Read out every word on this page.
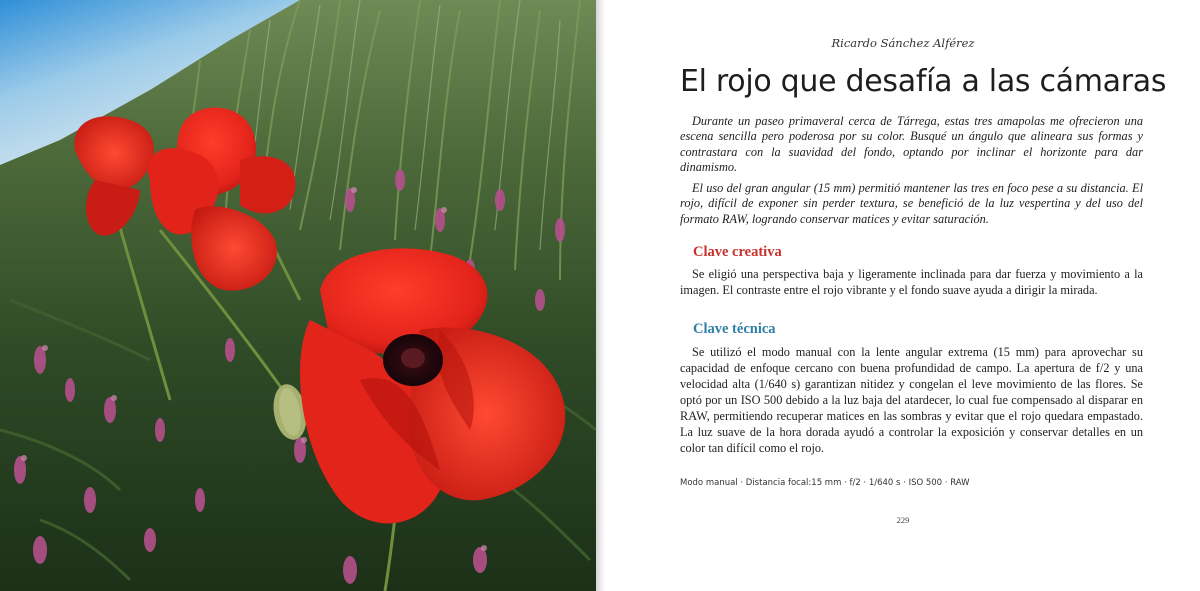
Ricardo Sánchez Alférez
El rojo que desafía a las cámaras

Durante un paseo primaveral cerca de Tárrega, estas tres amapolas me ofrecieron una escena sencilla pero poderosa por su color. Busqué un ángulo que alineara sus formas y contrastara con la suavidad del fondo, optando por inclinar el horizonte para dar dinamismo.

El uso del gran angular (15 mm) permitió mantener las tres en foco pese a su distancia. El rojo, difícil de exponer sin perder textura, se benefició de la luz vespertina y del uso del formato RAW, logrando conservar matices y evitar saturación.

Clave creativa

Se eligió una perspectiva baja y ligeramente inclinada para dar fuerza y movimiento a la imagen. El contraste entre el rojo vibrante y el fondo suave ayuda a dirigir la mirada.

Clave técnica

Se utilizó el modo manual con la lente angular extrema (15 mm) para aprovechar su capacidad de enfoque cercano con buena profundidad de campo. La apertura de f/2 y una velocidad alta (1/640 s) garantizan nitidez y congelan el leve movimiento de las flores. Se optó por un ISO 500 debido a la luz baja del atardecer, lo cual fue compensado al disparar en RAW, permitiendo recuperar matices en las sombras y evitar que el rojo quedara empastado. La luz suave de la hora dorada ayudó a controlar la exposición y conservar detalles en un color tan difícil como el rojo.

Modo manual · Distancia focal:15 mm · f/2 · 1/640 s · ISO 500 · RAW
229
